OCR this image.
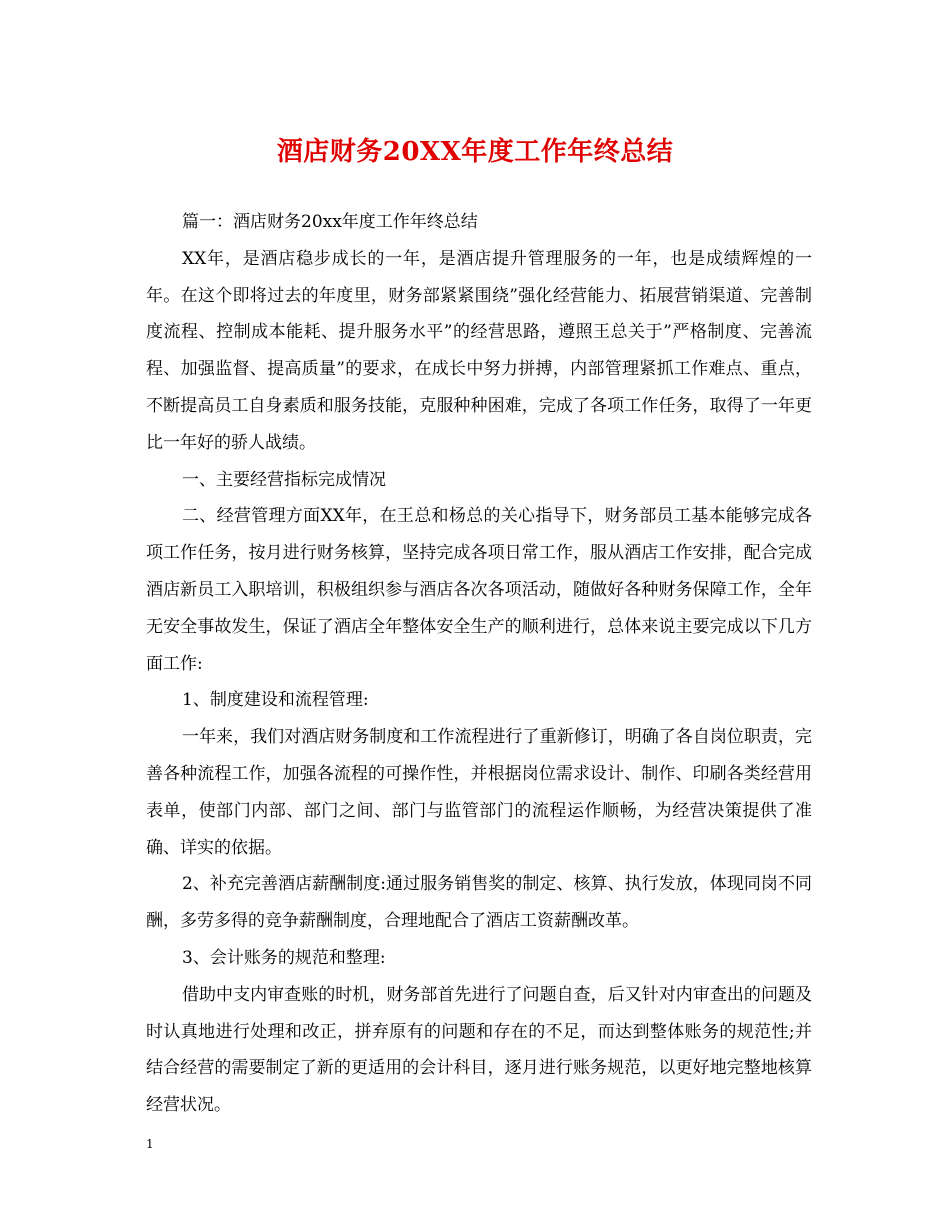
酒店财务20XX年度工作年终总结

篇一：酒店财务20xx年度工作年终总结

XX年，是酒店稳步成长的一年，是酒店提升管理服务的一年，也是成绩辉煌的一年。在这个即将过去的年度里，财务部紧紧围绕”强化经营能力、拓展营销渠道、完善制度流程、控制成本能耗、提升服务水平”的经营思路，遵照王总关于”严格制度、完善流程、加强监督、提高质量”的要求，在成长中努力拼搏，内部管理紧抓工作难点、重点，不断提高员工自身素质和服务技能，克服种种困难，完成了各项工作任务，取得了一年更比一年好的骄人战绩。

一、主要经营指标完成情况

二、经营管理方面XX年，在王总和杨总的关心指导下，财务部员工基本能够完成各项工作任务，按月进行财务核算，坚持完成各项日常工作，服从酒店工作安排，配合完成酒店新员工入职培训，积极组织参与酒店各次各项活动，随做好各种财务保障工作，全年无安全事故发生，保证了酒店全年整体安全生产的顺利进行，总体来说主要完成以下几方面工作:

1、制度建设和流程管理:

一年来，我们对酒店财务制度和工作流程进行了重新修订，明确了各自岗位职责，完善各种流程工作，加强各流程的可操作性，并根据岗位需求设计、制作、印刷各类经营用表单，使部门内部、部门之间、部门与监管部门的流程运作顺畅，为经营决策提供了准确、详实的依据。

2、补充完善酒店薪酬制度:通过服务销售奖的制定、核算、执行发放，体现同岗不同酬，多劳多得的竞争薪酬制度，合理地配合了酒店工资薪酬改革。

3、会计账务的规范和整理:

借助中支内审查账的时机，财务部首先进行了问题自查，后又针对内审查出的问题及时认真地进行处理和改正，拼弃原有的问题和存在的不足，而达到整体账务的规范性;并结合经营的需要制定了新的更适用的会计科目，逐月进行账务规范，以更好地完整地核算经营状况。

1
